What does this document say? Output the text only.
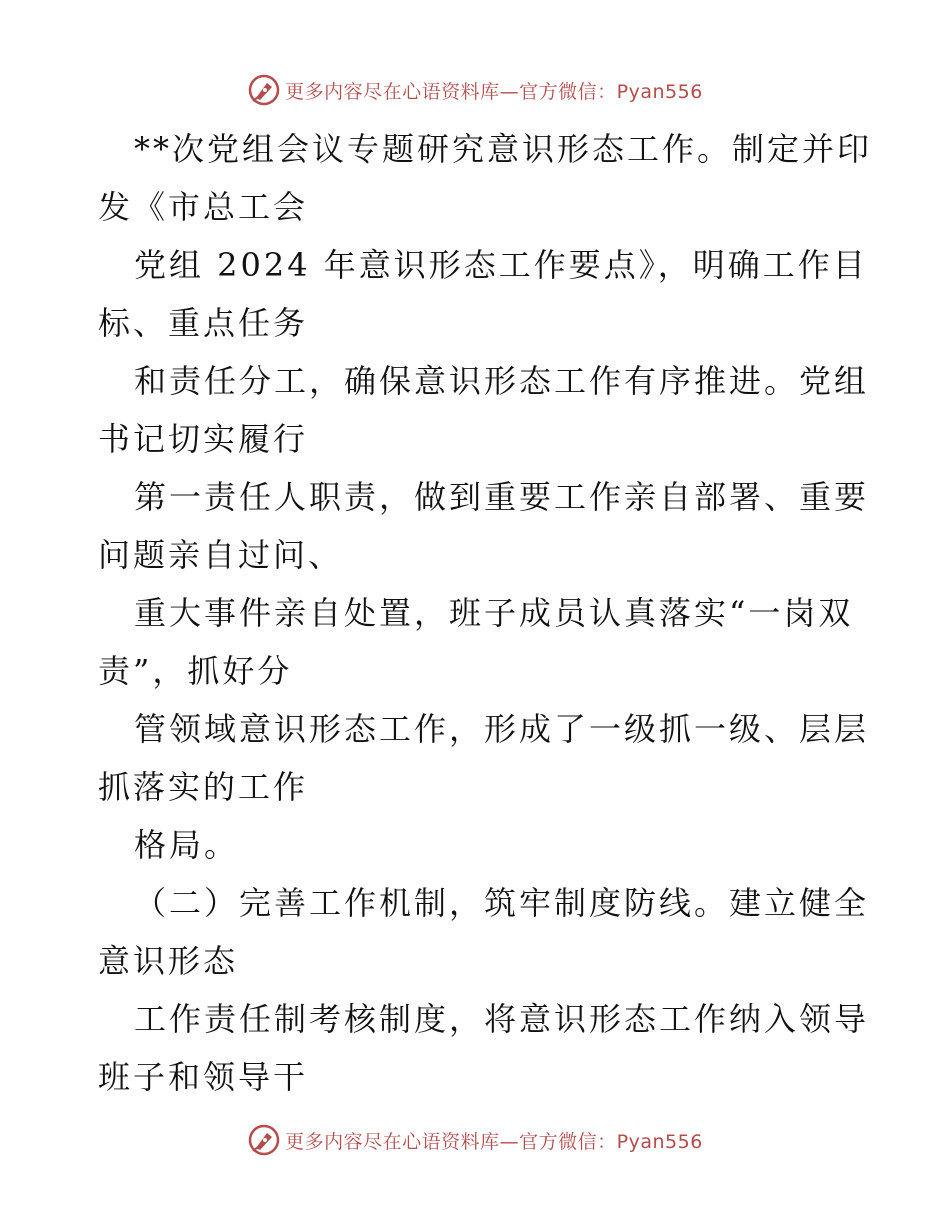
更多内容尽在心语资料库—官方微信：Pyan556

**次党组会议专题研究意识形态工作。制定并印

发《市总工会

党组 2024 年意识形态工作要点》，明确工作目

标、重点任务

和责任分工，确保意识形态工作有序推进。党组

书记切实履行

第一责任人职责，做到重要工作亲自部署、重要

问题亲自过问、

重大事件亲自处置，班子成员认真落实“一岗双

责”，抓好分

管领域意识形态工作，形成了一级抓一级、层层

抓落实的工作

格局。

（二）完善工作机制，筑牢制度防线。建立健全

意识形态

工作责任制考核制度，将意识形态工作纳入领导

班子和领导干

更多内容尽在心语资料库—官方微信：Pyan556
